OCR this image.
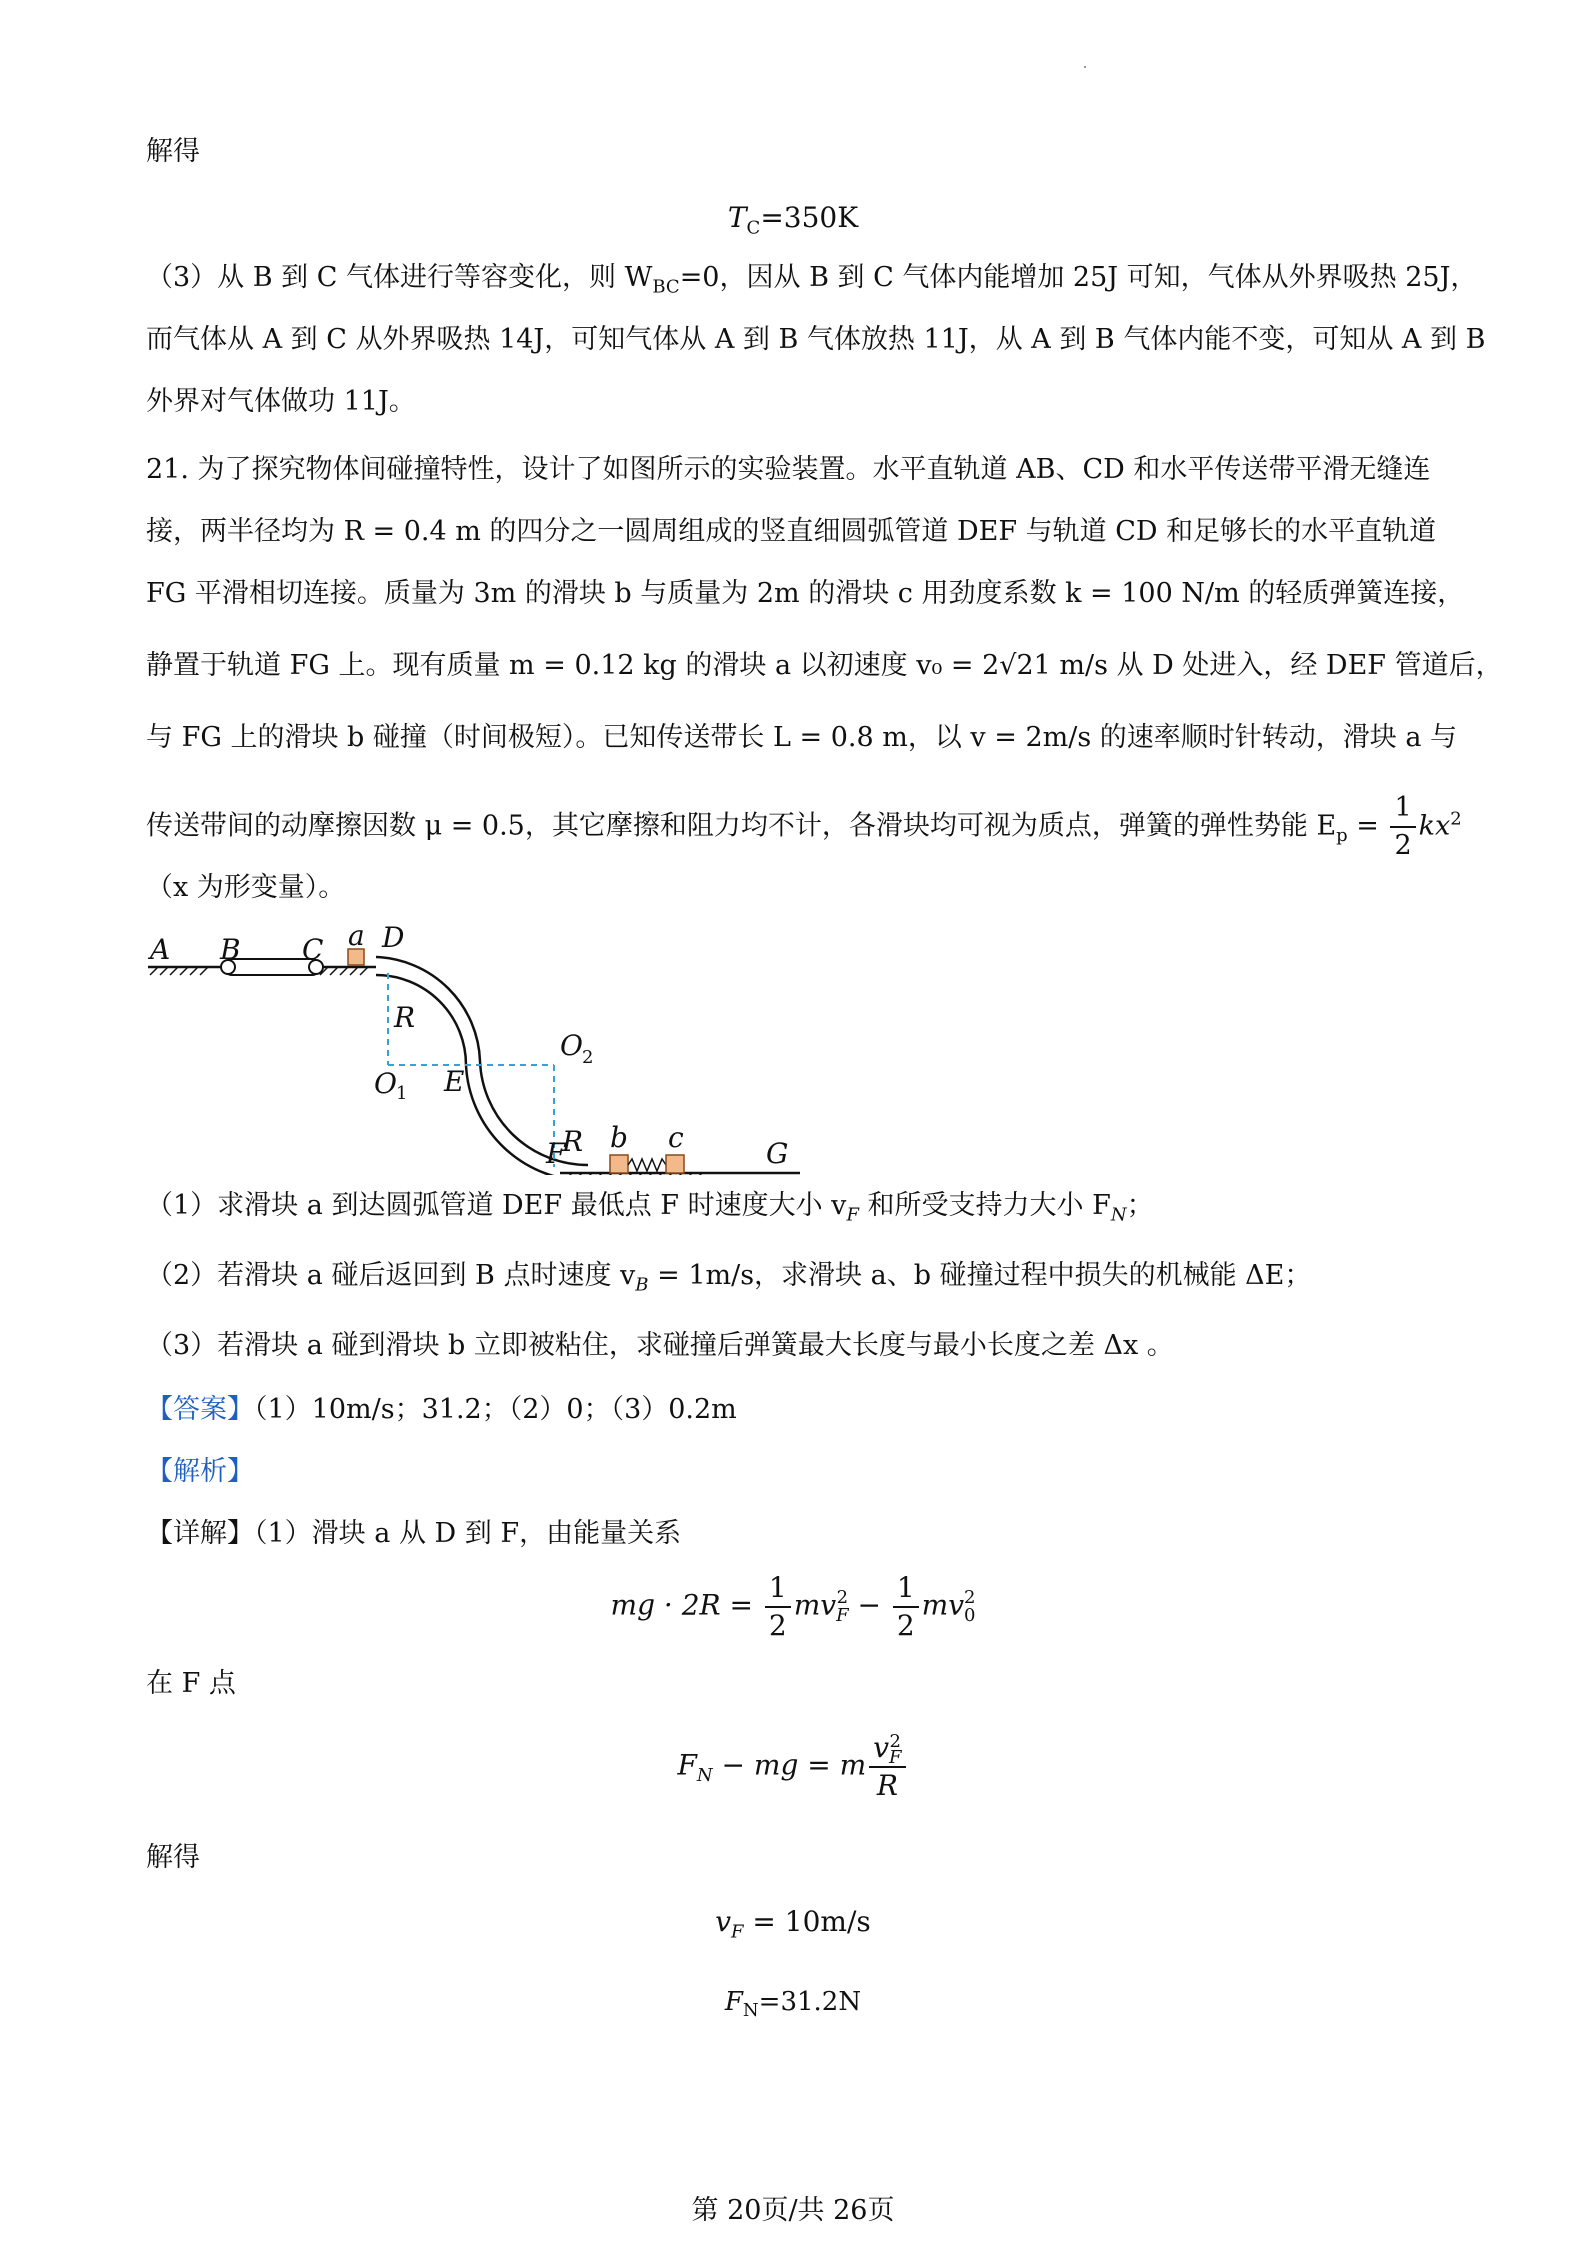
解得
$T_C=350K$
（3）从 B 到 C 气体进行等容变化，则 $W_{BC}=0$，因从 B 到 C 气体内能增加 25J 可知，气体从外界吸热 25J，
而气体从 A 到 C 从外界吸热 14J，可知气体从 A 到 B 气体放热 11J，从 A 到 B 气体内能不变，可知从 A 到 B
外界对气体做功 11J。
21. 为了探究物体间碰撞特性，设计了如图所示的实验装置。水平直轨道 AB、CD 和水平传送带平滑无缝连
接，两半径均为 R = 0.4 m 的四分之一圆周组成的竖直细圆弧管道 DEF 与轨道 CD 和足够长的水平直轨道
FG 平滑相切连接。质量为 3m 的滑块 b 与质量为 2m 的滑块 c 用劲度系数 k = 100 N/m 的轻质弹簧连接，
静置于轨道 FG 上。现有质量 m = 0.12 kg 的滑块 a 以初速度 v₀ = 2√21 m/s 从 D 处进入，经 DEF 管道后，
与 FG 上的滑块 b 碰撞（时间极短）。已知传送带长 L = 0.8 m，以 v = 2m/s 的速率顺时针转动，滑块 a 与
传送带间的动摩擦因数 μ = 0.5，其它摩擦和阻力均不计，各滑块均可视为质点，弹簧的弹性势能 $E_p = \frac{1}{2} kx^2$
（x 为形变量）。
A B C a D
R
O 1 E
O 2
R b c
F	G
（1）求滑块 a 到达圆弧管道 DEF 最低点 F 时速度大小 $v_F$ 和所受支持力大小 $F_N$；
（2）若滑块 a 碰后返回到 B 点时速度 $v_B = 1m/s$，求滑块 a、b 碰撞过程中损失的机械能 ΔE；
（3）若滑块 a 碰到滑块 b 立即被粘住，求碰撞后弹簧最大长度与最小长度之差 Δx 。
【答案】（1）10m/s；31.2；（2）0；（3）0.2m
【解析】
【详解】（1）滑块 a 从 D 到 F，由能量关系
mg · $2R = \frac{1}{2}$ mv 2
$F - \frac{1}{2}$ mv 2
0
在 F 点
$F_N$ − mg = m v 2
F
R
解得
$v_F = 10m/s$
$F_N=31.2N$
第 20页/共 26页
